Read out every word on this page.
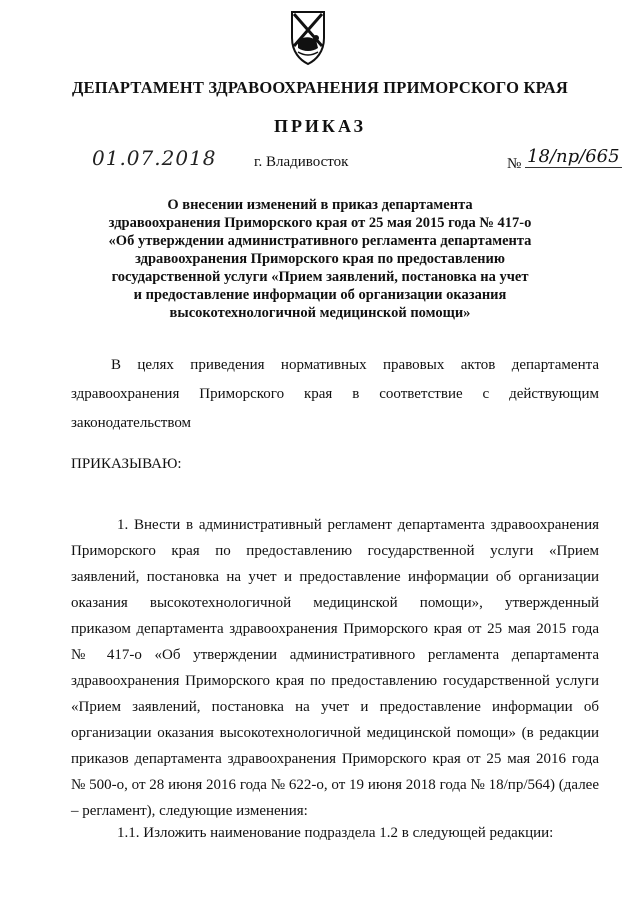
ДЕПАРТАМЕНТ ЗДРАВООХРАНЕНИЯ ПРИМОРСКОГО КРАЯ
ПРИКАЗ
01.07.2018 г. Владивосток	№ 18/пр/665
О внесении изменений в приказ департамента
здравоохранения Приморского края от 25 мая 2015 года № 417-о
«Об утверждении административного регламента департамента
здравоохранения Приморского края по предоставлению
государственной услуги «Прием заявлений, постановка на учет
и предоставление информации об организации оказания
высокотехнологичной медицинской помощи»
В целях приведения нормативных правовых актов департамента
здравоохранения Приморского края в соответствие с действующим
законодательством
ПРИКАЗЫВАЮ:
1. Внести в административный регламент департамента здравоохранения
Приморского края по предоставлению государственной услуги «Прием
заявлений, постановка на учет и предоставление информации об организации
оказания высокотехнологичной медицинской помощи», утвержденный
приказом департамента здравоохранения Приморского края от 25 мая 2015 года
№ 417-о «Об утверждении административного регламента департамента
здравоохранения Приморского края по предоставлению государственной услуги
«Прием заявлений, постановка на учет и предоставление информации об
организации оказания высокотехнологичной медицинской помощи» (в редакции
приказов департамента здравоохранения Приморского края от 25 мая 2016 года
№ 500-о, от 28 июня 2016 года № 622-о, от 19 июня 2018 года № 18/пр/564) (далее
– регламент), следующие изменения:
1.1. Изложить наименование подраздела 1.2 в следующей редакции:
